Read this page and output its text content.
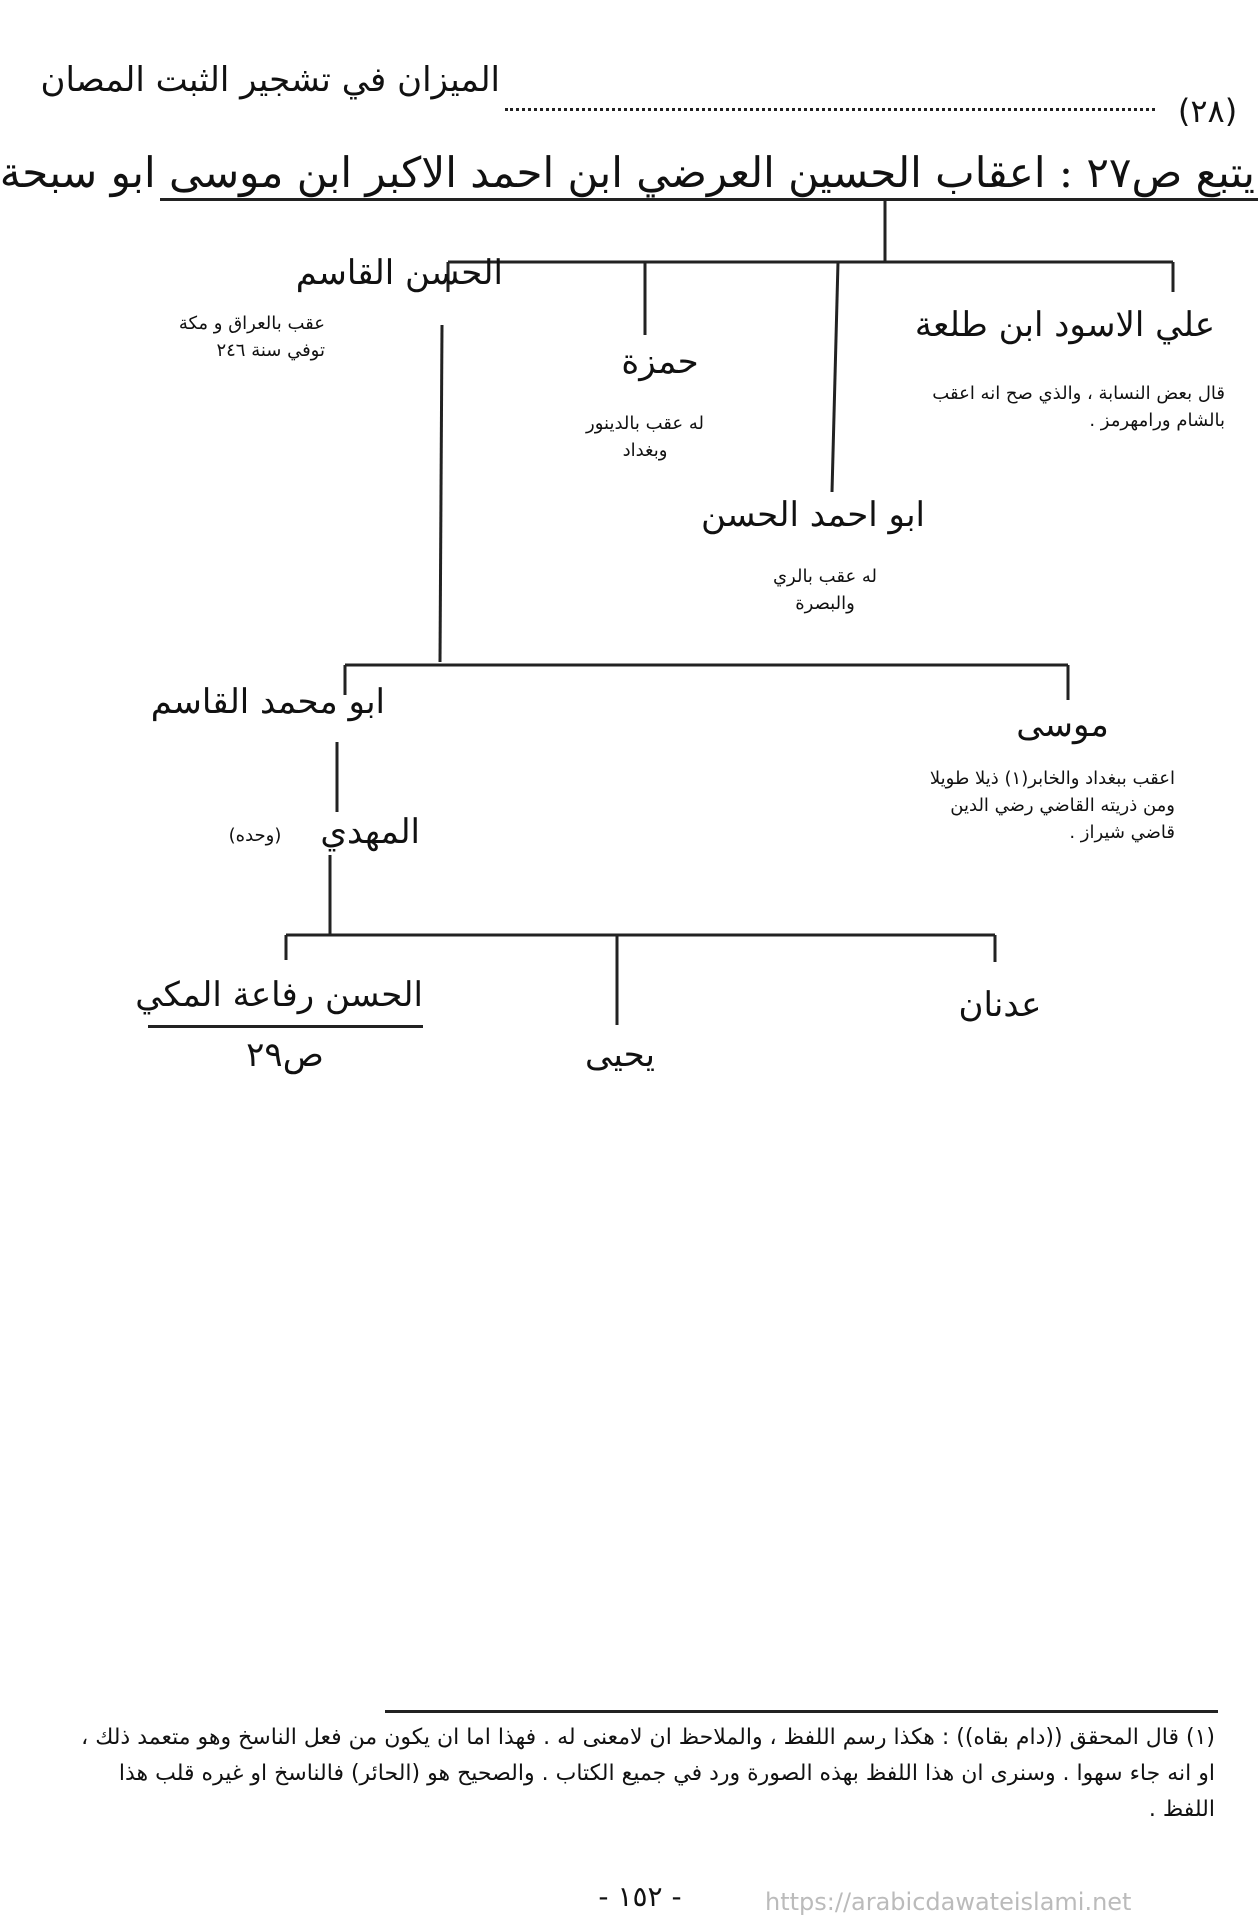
الميزان في تشجير الثبت المصان
(٢٨)
يتبع ص٢٧ : اعقاب الحسين العرضي ابن احمد الاكبر ابن موسى ابو سبحة
علي الاسود ابن طلعة
قال بعض النسابة ، والذي صح انه اعقب بالشام ورامهرمز .
حمزة
له عقب بالدينور وبغداد
ابو احمد الحسن
له عقب بالري والبصرة
الحسن القاسم
عقب بالعراق و مكة توفي سنة ٢٤٦
موسى
اعقب ببغداد والخابر(١) ذيلا طويلا ومن ذريته القاضي رضي الدين قاضي شيراز .
ابو محمد القاسم
المهدي
(وحده)
عدنان
يحيى
الحسن رفاعة المكي
ص٢٩
(١) قال المحقق ((دام بقاه)) : هكذا رسم اللفظ ، والملاحظ ان لامعنى له . فهذا اما ان يكون من فعل الناسخ وهو متعمد ذلك ، او انه جاء سهوا . وسنرى ان هذا اللفظ بهذه الصورة ورد في جميع الكتاب . والصحيح هو (الحائر) فالناسخ او غيره قلب هذا اللفظ .
- ١٥٢ -	https://arabicdawateislami.net
